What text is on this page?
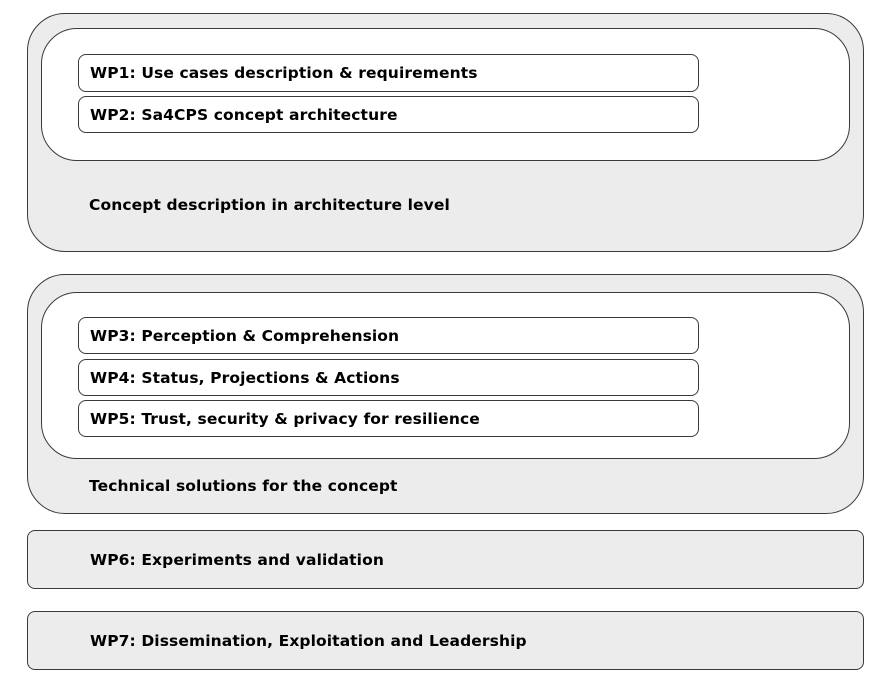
WP1: Use cases description & requirements
WP2: Sa4CPS concept architecture
Concept description in architecture level
WP3: Perception & Comprehension
WP4: Status, Projections & Actions
WP5: Trust, security & privacy for resilience
Technical solutions for the concept
WP6: Experiments and validation
WP7: Dissemination, Exploitation and Leadership
